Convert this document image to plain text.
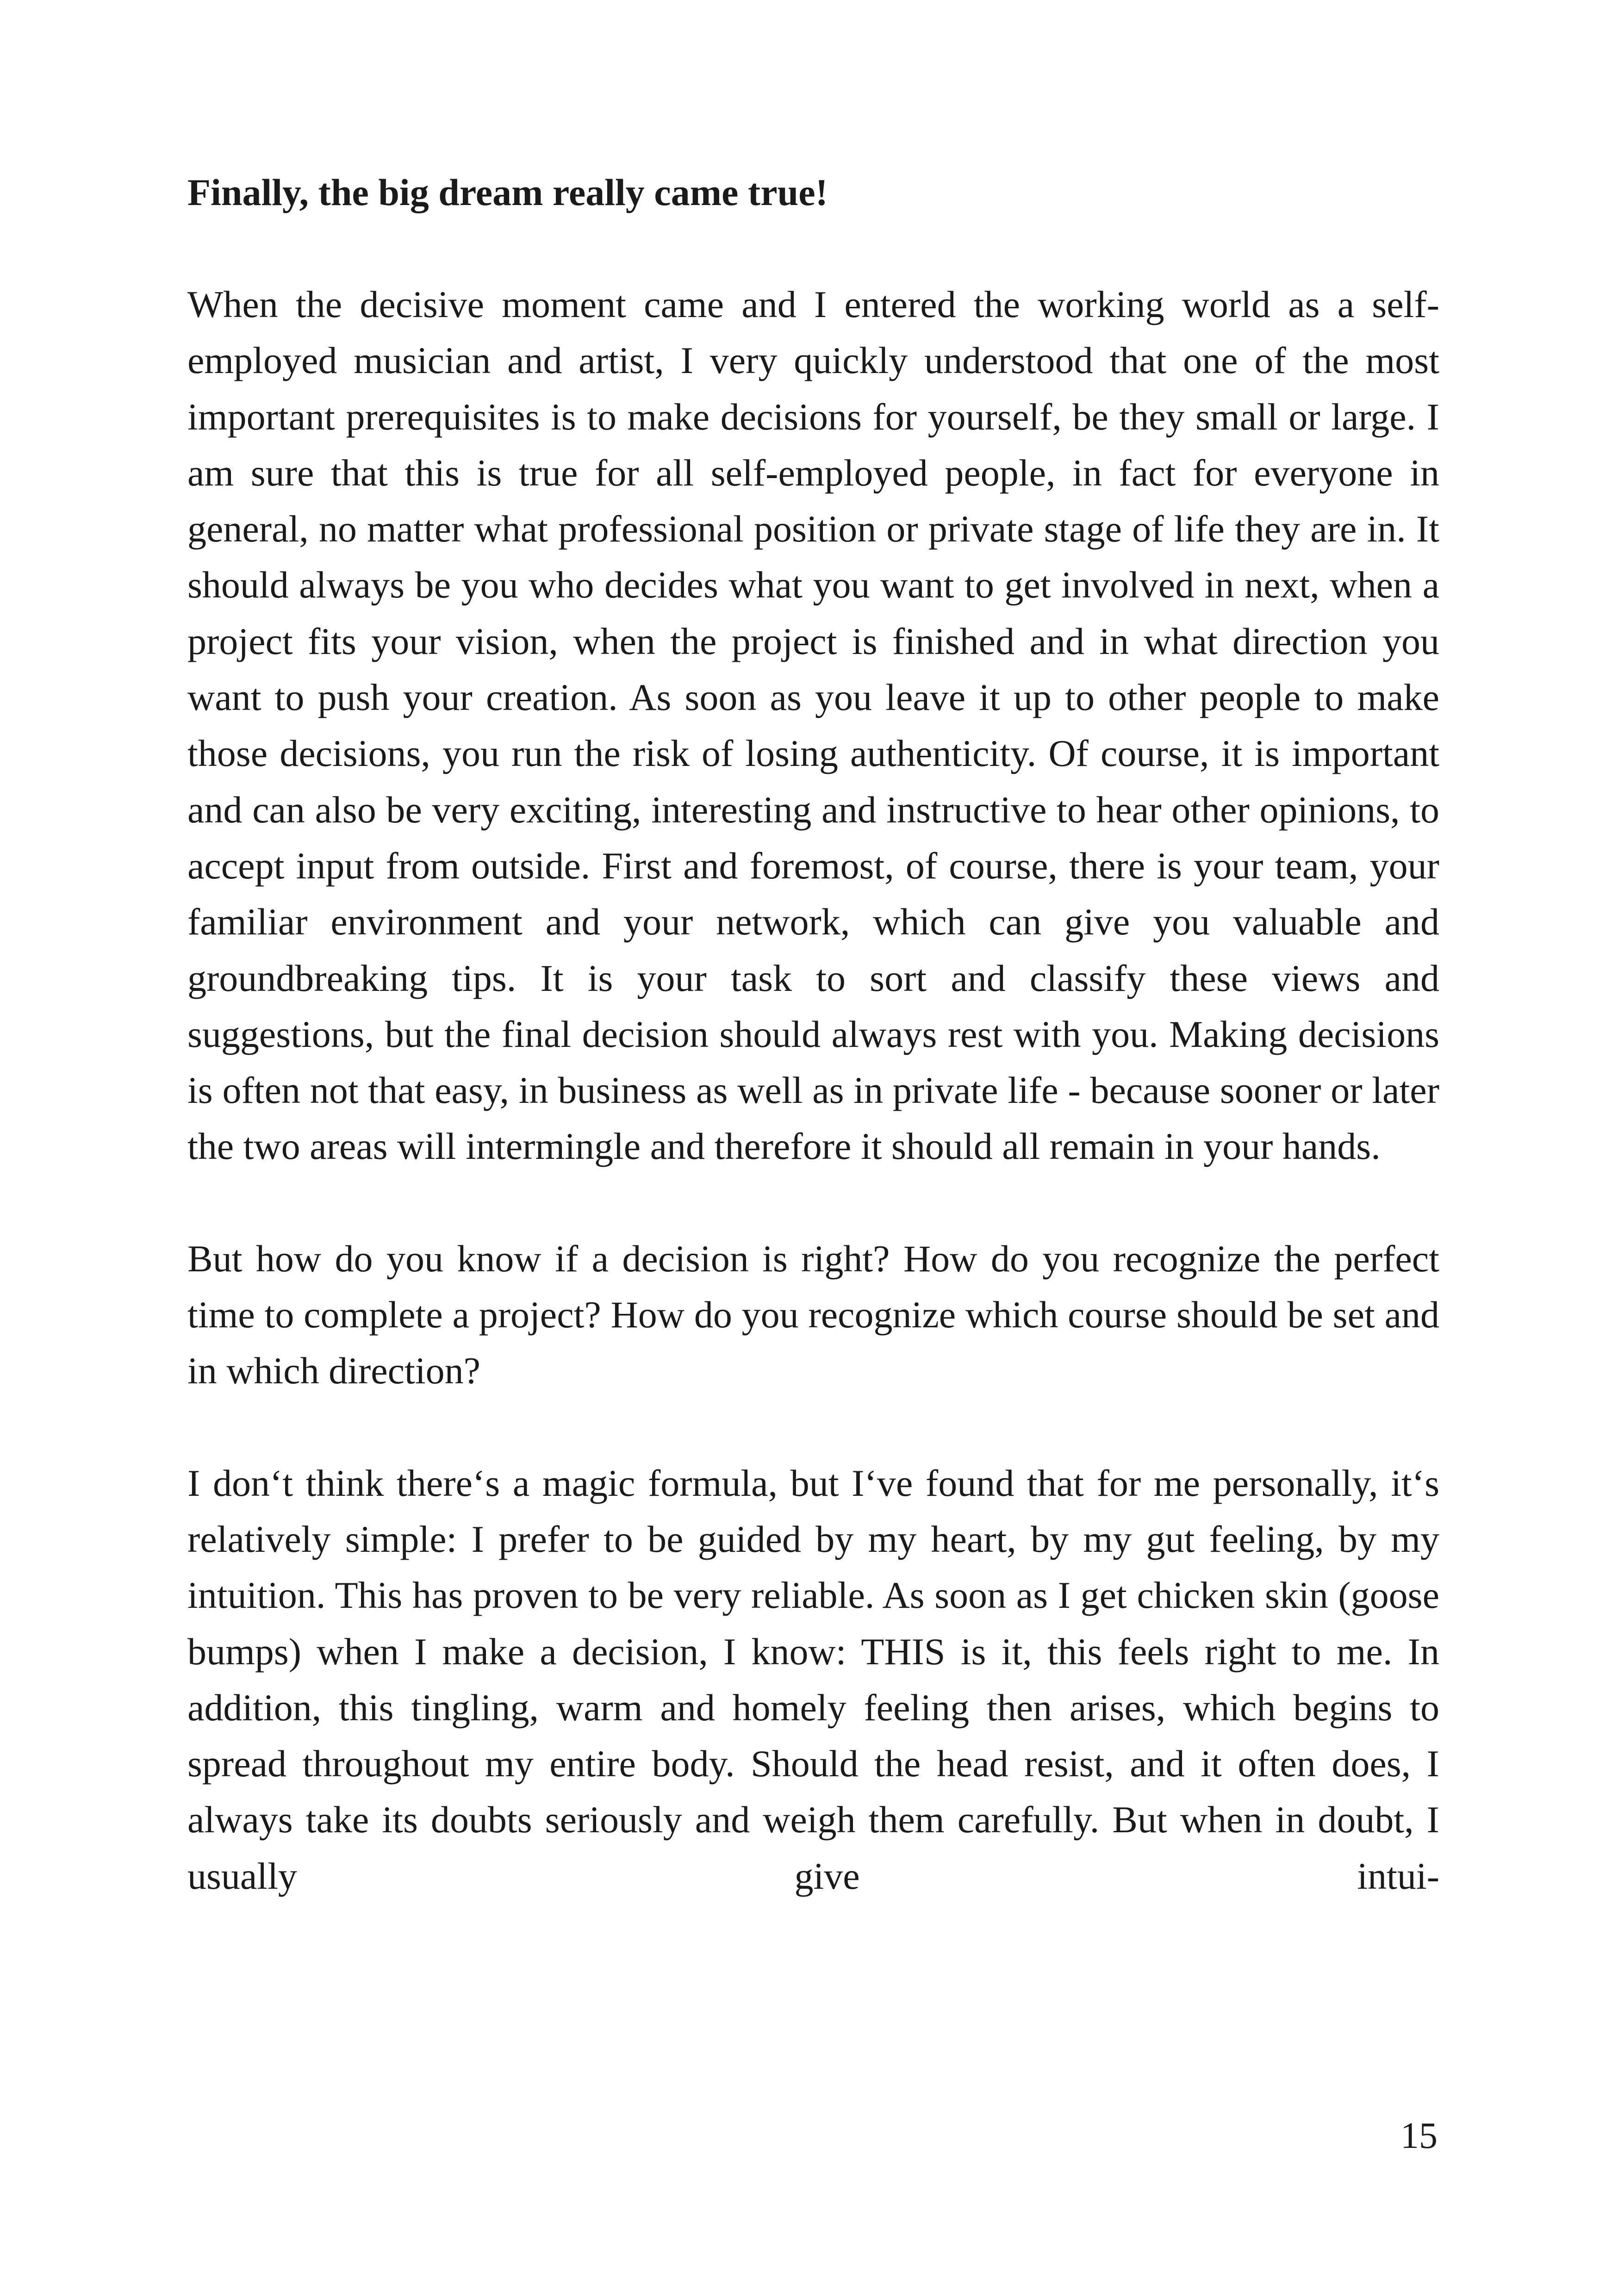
Finally, the big dream really came true!

When the decisive moment came and I entered the working world as a self-employed musician and artist, I very quickly understood that one of the most important prerequisites is to make decisions for yourself, be they small or large. I am sure that this is true for all self-employed people, in fact for everyone in general, no matter what professional position or private stage of life they are in. It should always be you who decides what you want to get involved in next, when a project fits your vision, when the project is finished and in what direction you want to push your creation. As soon as you leave it up to other people to make those decisions, you run the risk of losing authenticity. Of course, it is important and can also be very exciting, interesting and instructive to hear other opinions, to accept input from outside. First and foremost, of course, there is your team, your familiar environment and your network, which can give you valuable and groundbreaking tips. It is your task to sort and classify these views and suggestions, but the final decision should always rest with you. Making decisions is often not that easy, in business as well as in private life - because sooner or later the two areas will intermingle and therefore it should all remain in your hands.

But how do you know if a decision is right? How do you recognize the perfect time to complete a project? How do you recognize which course should be set and in which direction?

I don‘t think there‘s a magic formula, but I‘ve found that for me personally, it‘s relatively simple: I prefer to be guided by my heart, by my gut feeling, by my intuition. This has proven to be very reliable. As soon as I get chicken skin (goose bumps) when I make a decision, I know: THIS is it, this feels right to me. In addition, this tingling, warm and homely feeling then arises, which begins to spread throughout my entire body. Should the head resist, and it often does, I always take its doubts seriously and weigh them carefully. But when in doubt, I usually give intui-

15
